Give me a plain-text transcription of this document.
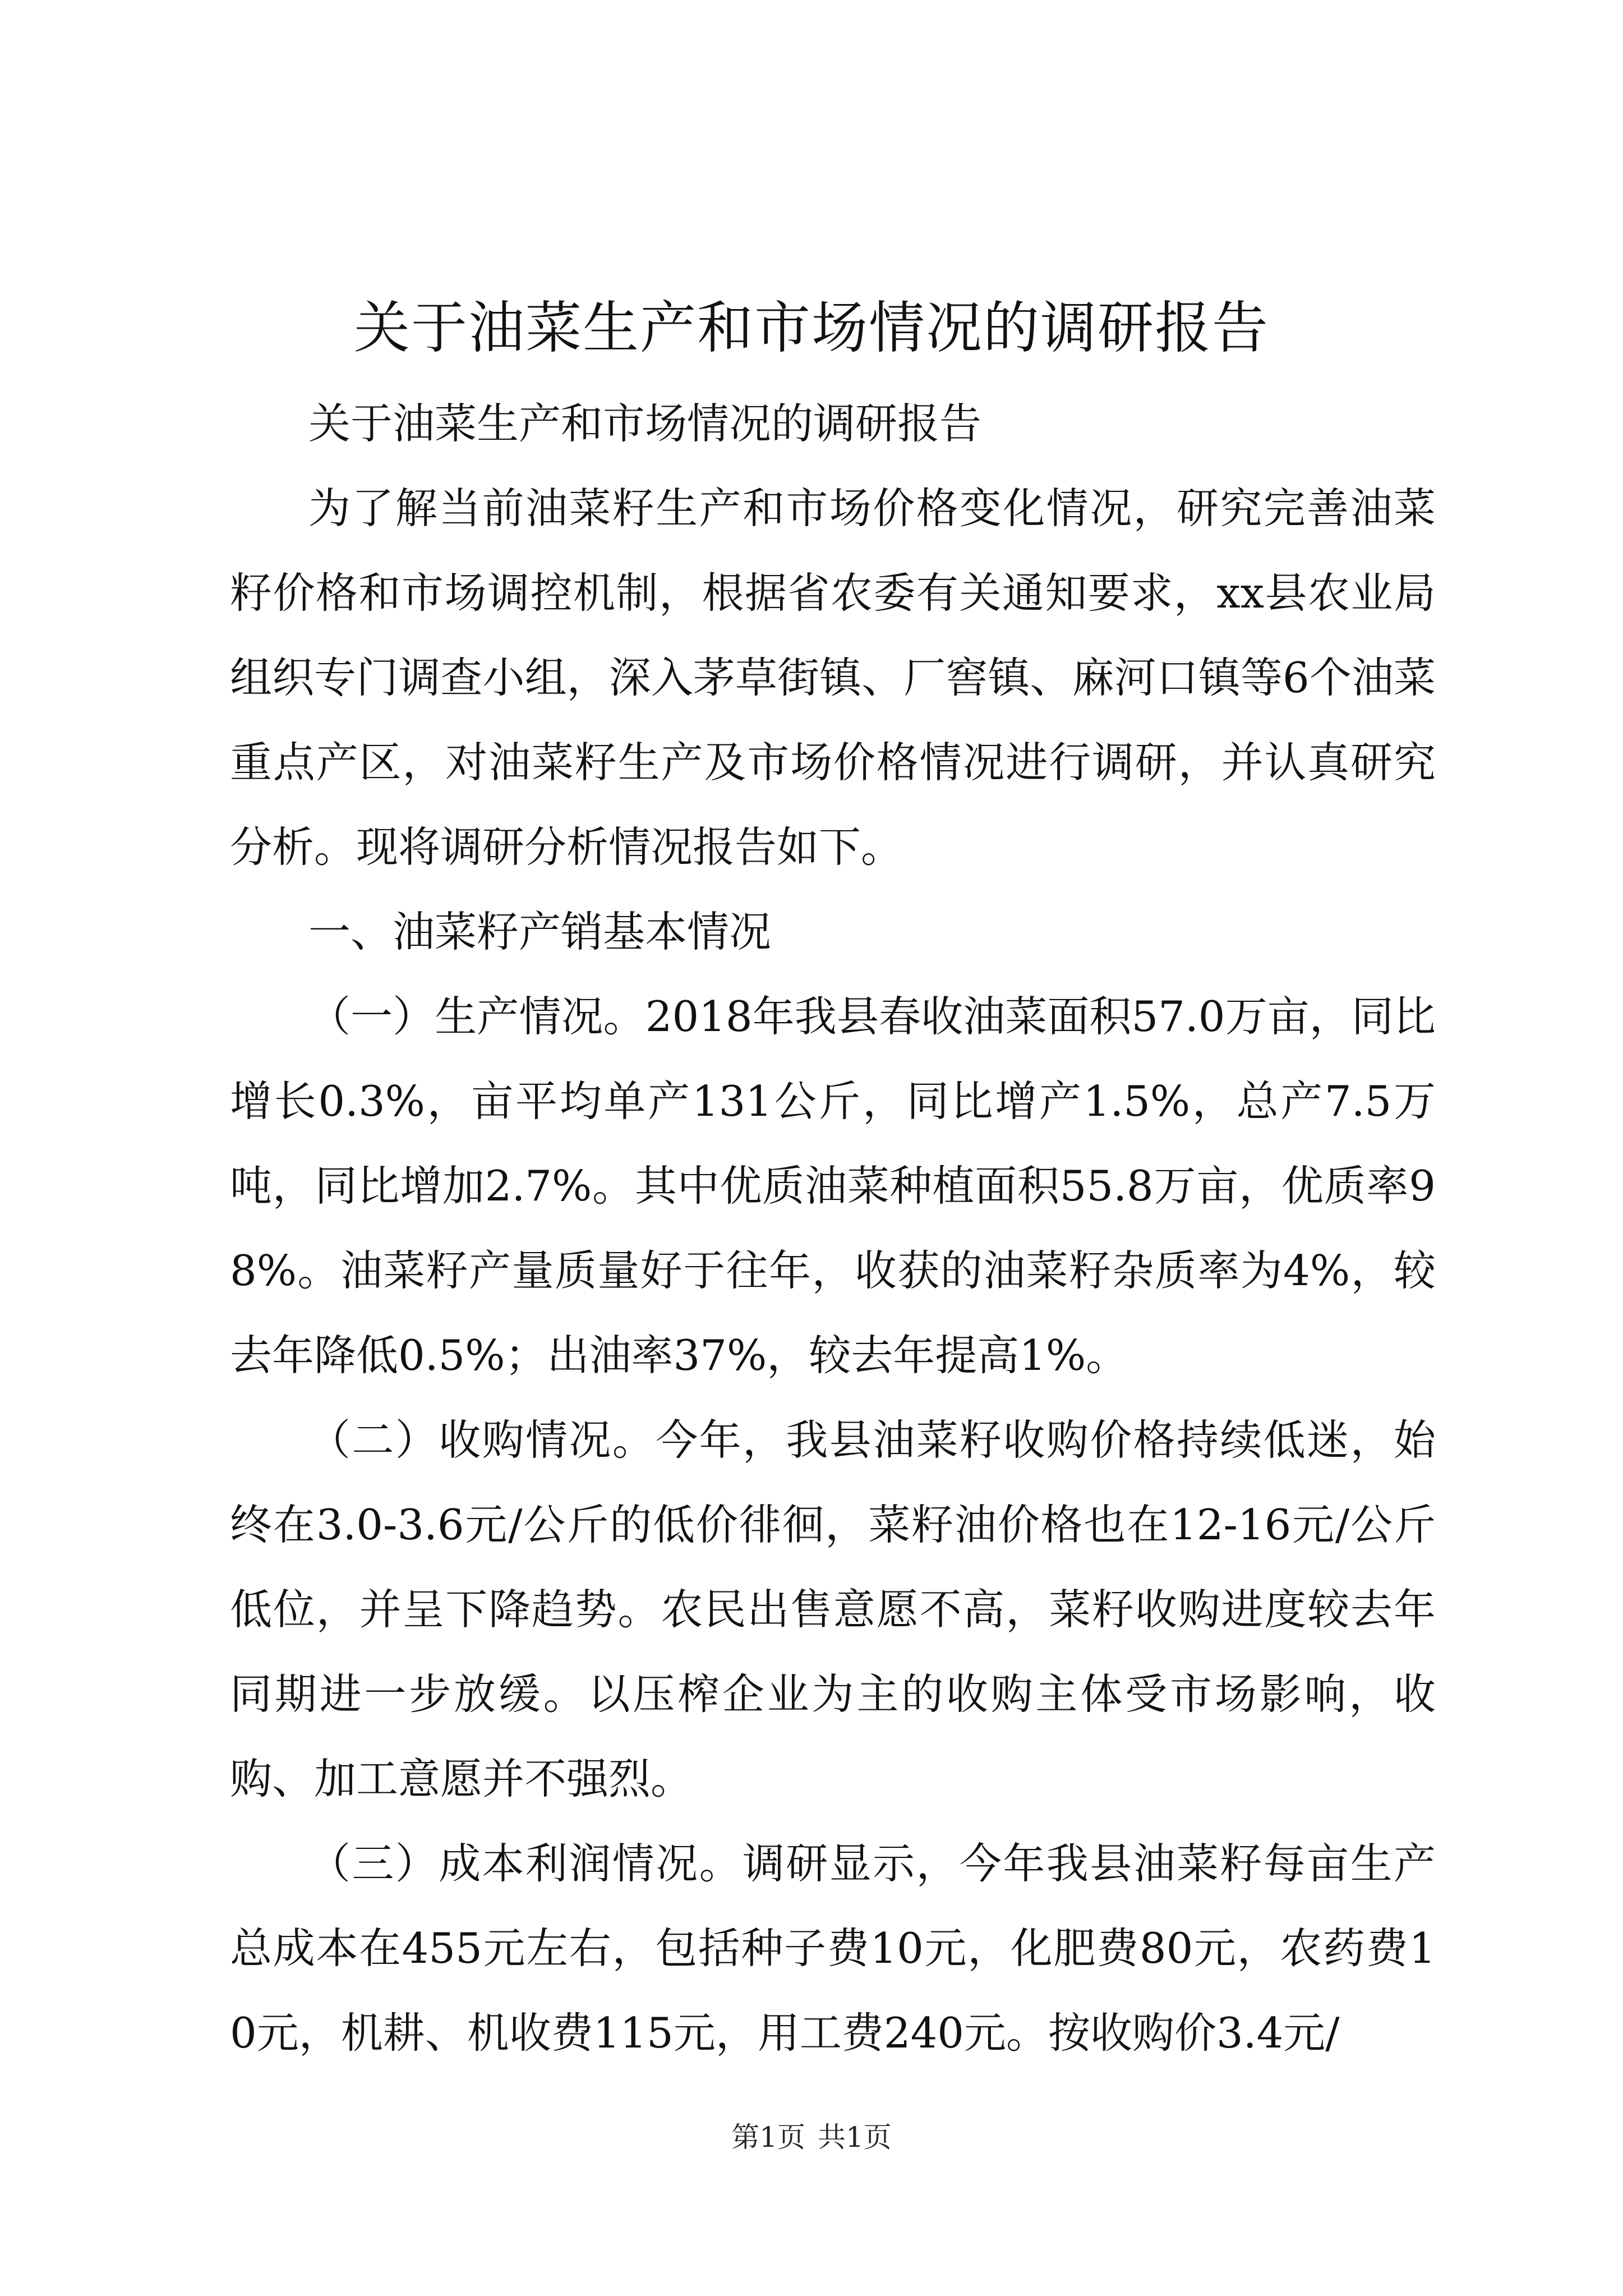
关于油菜生产和市场情况的调研报告

关于油菜生产和市场情况的调研报告

为了解当前油菜籽生产和市场价格变化情况，研究完善油菜籽价格和市场调控机制，根据省农委有关通知要求，xx县农业局组织专门调查小组，深入茅草街镇、厂窖镇、麻河口镇等6个油菜重点产区，对油菜籽生产及市场价格情况进行调研，并认真研究分析。现将调研分析情况报告如下。

一、油菜籽产销基本情况

（一）生产情况。2018年我县春收油菜面积57.0万亩，同比增长0.3%，亩平均单产131公斤，同比增产1.5%，总产7.5万吨，同比增加2.7%。其中优质油菜种植面积55.8万亩，优质率98%。油菜籽产量质量好于往年，收获的油菜籽杂质率为4%，较去年降低0.5%；出油率37%，较去年提高1%。

（二）收购情况。今年，我县油菜籽收购价格持续低迷，始终在3.0-3.6元/公斤的低价徘徊，菜籽油价格也在12-16元/公斤低位，并呈下降趋势。农民出售意愿不高，菜籽收购进度较去年同期进一步放缓。以压榨企业为主的收购主体受市场影响，收购、加工意愿并不强烈。

（三）成本利润情况。调研显示，今年我县油菜籽每亩生产总成本在455元左右，包括种子费10元，化肥费80元，农药费10元，机耕、机收费115元，用工费240元。按收购价3.4元/

第1页 共1页
